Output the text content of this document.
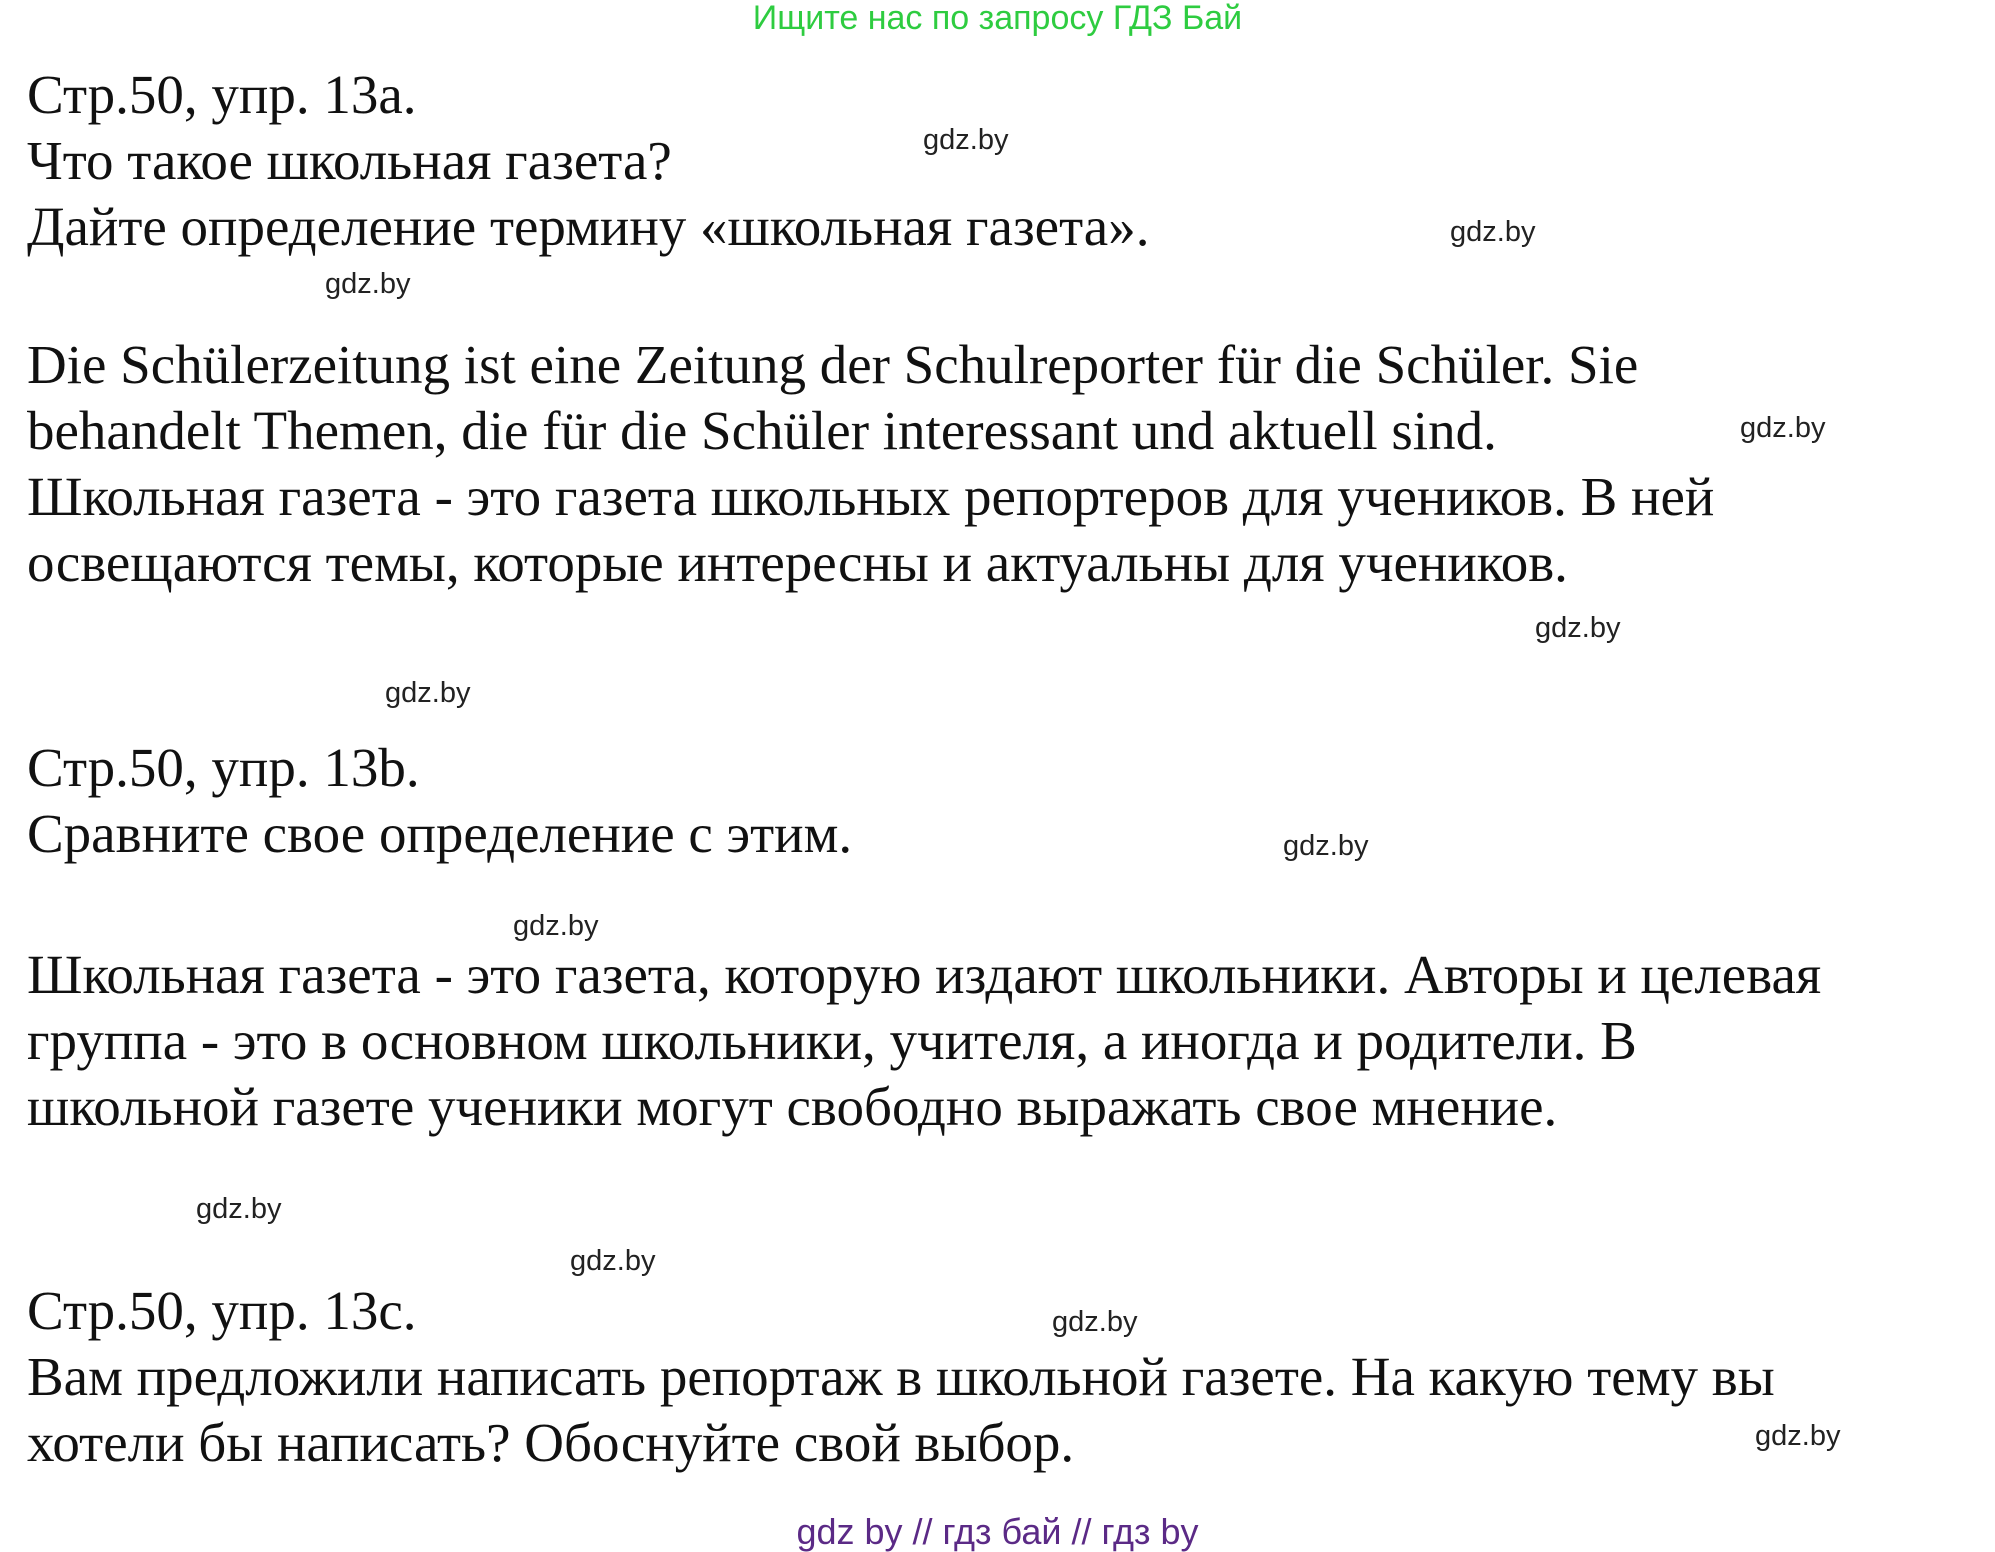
Ищите нас по запросу ГДЗ Бай
Стр.50, упр. 13a.
Что такое школьная газета?
Дайте определение термину «школьная газета».
Die Schülerzeitung ist eine Zeitung der Schulreporter für die Schüler. Sie
behandelt Themen, die für die Schüler interessant und aktuell sind.
Школьная газета - это газета школьных репортеров для учеников. В ней
освещаются темы, которые интересны и актуальны для учеников.
Стр.50, упр. 13b.
Сравните свое определение с этим.
Школьная газета - это газета, которую издают школьники. Авторы и целевая
группа - это в основном школьники, учителя, а иногда и родители. В
школьной газете ученики могут свободно выражать свое мнение.
Стр.50, упр. 13c.
Вам предложили написать репортаж в школьной газете. На какую тему вы
хотели бы написать? Обоснуйте свой выбор.
gdz.by
gdz.by
gdz.by
gdz.by
gdz.by
gdz.by
gdz.by
gdz.by
gdz.by
gdz.by
gdz.by
gdz.by
gdz by // гдз бай // гдз by
